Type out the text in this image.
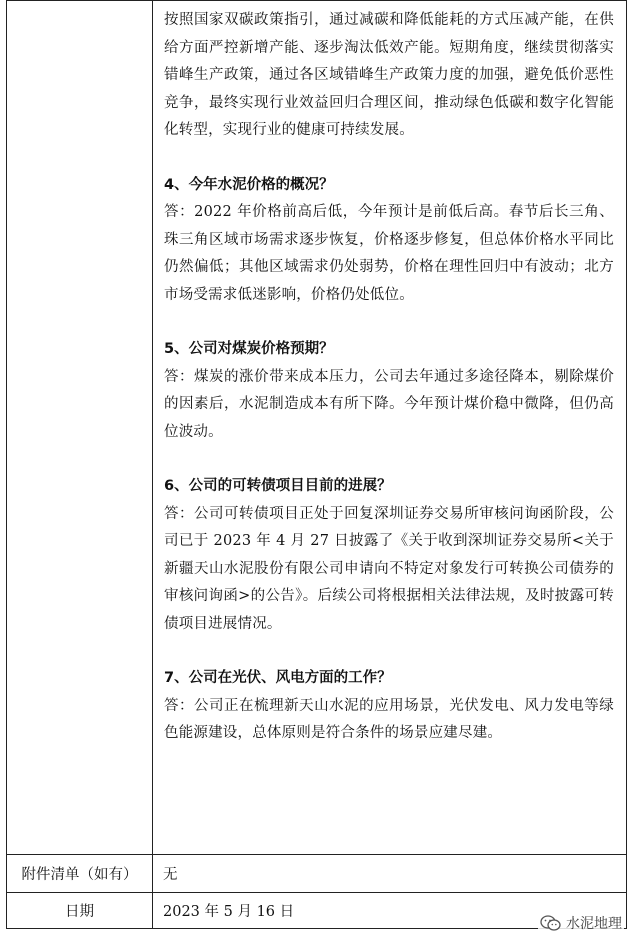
按照国家双碳政策指引，通过减碳和降低能耗的方式压减产能，在供给方面严控新增产能、逐步淘汰低效产能。短期角度，继续贯彻落实错峰生产政策，通过各区域错峰生产政策力度的加强，避免低价恶性竞争，最终实现行业效益回归合理区间，推动绿色低碳和数字化智能化转型，实现行业的健康可持续发展。

4、今年水泥价格的概况？

答：2022 年价格前高后低，今年预计是前低后高。春节后长三角、珠三角区域市场需求逐步恢复，价格逐步修复，但总体价格水平同比仍然偏低；其他区域需求仍处弱势，价格在理性回归中有波动；北方市场受需求低迷影响，价格仍处低位。

5、公司对煤炭价格预期？

答：煤炭的涨价带来成本压力，公司去年通过多途径降本，剔除煤价的因素后，水泥制造成本有所下降。今年预计煤价稳中微降，但仍高位波动。

6、公司的可转债项目目前的进展？

答：公司可转债项目正处于回复深圳证券交易所审核问询函阶段，公司已于 2023 年 4 月 27 日披露了《关于收到深圳证券交易所<关于新疆天山水泥股份有限公司申请向不特定对象发行可转换公司债券的审核问询函>的公告》。后续公司将根据相关法律法规，及时披露可转债项目进展情况。

7、公司在光伏、风电方面的工作？

答：公司正在梳理新天山水泥的应用场景，光伏发电、风力发电等绿色能源建设，总体原则是符合条件的场景应建尽建。

附件清单（如有）	无
日期	2023 年 5 月 16 日
水泥地理
